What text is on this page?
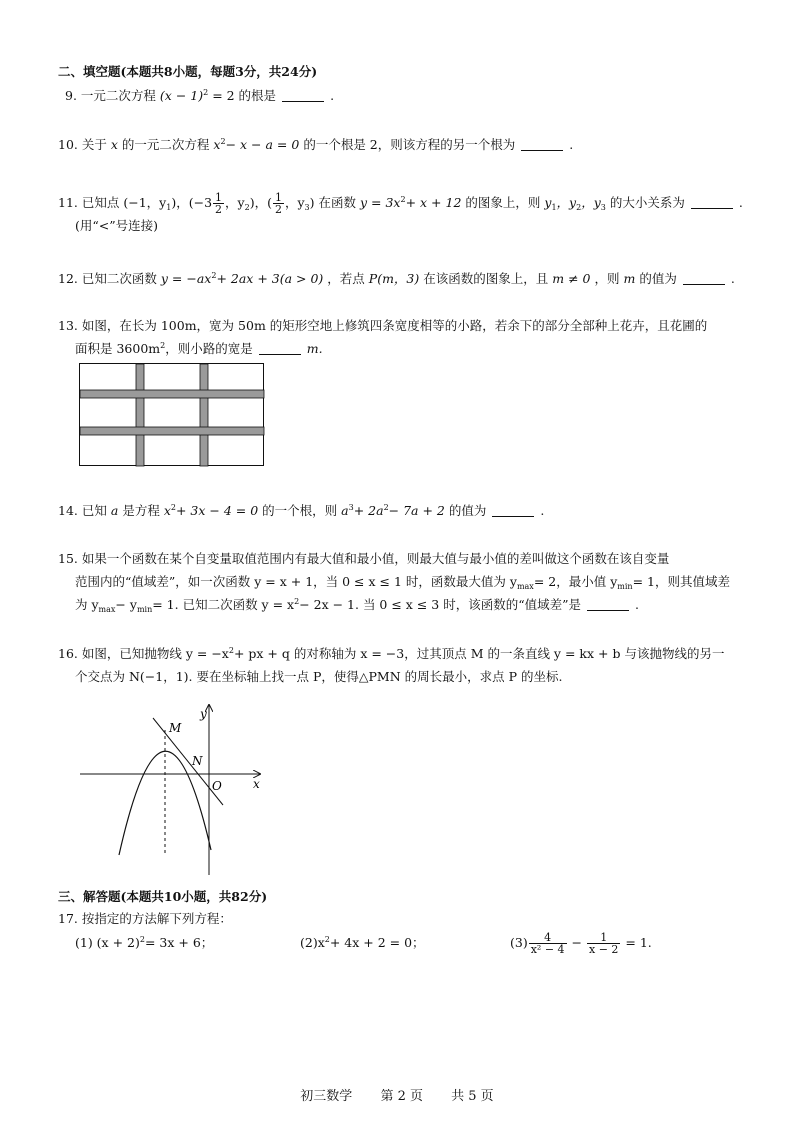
二、填空题(本题共8小题，每题3分，共24分)
9. 一元二次方程 $(x - 1)^2 = 2$ 的根是	.
10. 关于 x 的一元二次方程 $x^2- x - a = 0$ 的一个根是 2，则该方程的另一个根为	.
11. 已知点 (−1，$y_1$)，($-3 \frac{1}{2}$ ，$y_2$)，( $\frac{1}{2}$ ，$y_3$) 在函数 $y = 3x^2+ x + 12$ 的图象上，则 $y_1$，$y_2$，$y_3$ 的大小关系为	.
(用“<”号连接)
12. 已知二次函数 $y = -ax^2+ 2ax + 3(a > 0)$ ，若点 P(m，3) 在该函数的图象上，且 m ≠ 0 ，则 m 的值为	.
13. 如图，在长为 100m，宽为 50m 的矩形空地上修筑四条宽度相等的小路，若余下的部分全部种上花卉，且花圃的
面积是 $3600m^2$，则小路的宽是	m.
14. 已知 a 是方程 $x^2+ 3x - 4 = 0$ 的一个根，则 $a^3+ 2a^2- 7a + 2$ 的值为	.
15. 如果一个函数在某个自变量取值范围内有最大值和最小值，则最大值与最小值的差叫做这个函数在该自变量
范围内的“值域差”，如一次函数 y = x + 1，当 0 ≤ x ≤ 1 时，函数最大值为 $y_{max}= 2$，最小值 $y_{min}= 1$，则其值域差
为 $y_{max}- y_{min}= 1$. 已知二次函数 $y = x^2- 2x - 1$. 当 0 ≤ x ≤ 3 时，该函数的“值域差”是	.
16. 如图，已知抛物线 $y = -x^2+$ px + q 的对称轴为 x = −3，过其顶点 M 的一条直线 y = kx + b 与该抛物线的另一
个交点为 N(−1，1). 要在坐标轴上找一点 P，使得△PMN 的周长最小，求点 P 的坐标.
y
x
M
N
O
三、解答题(本题共10小题，共82分)
17. 按指定的方法解下列方程：
(1) $(x + 2)^2= 3x + 6$；	$(2)x^2+ 4x + 2 = 0$；	$(3) \frac{4}{\text{x² − 4}} - \frac{1}{x - 2} = 1$.
初三数学 第 2 页 共 5 页
